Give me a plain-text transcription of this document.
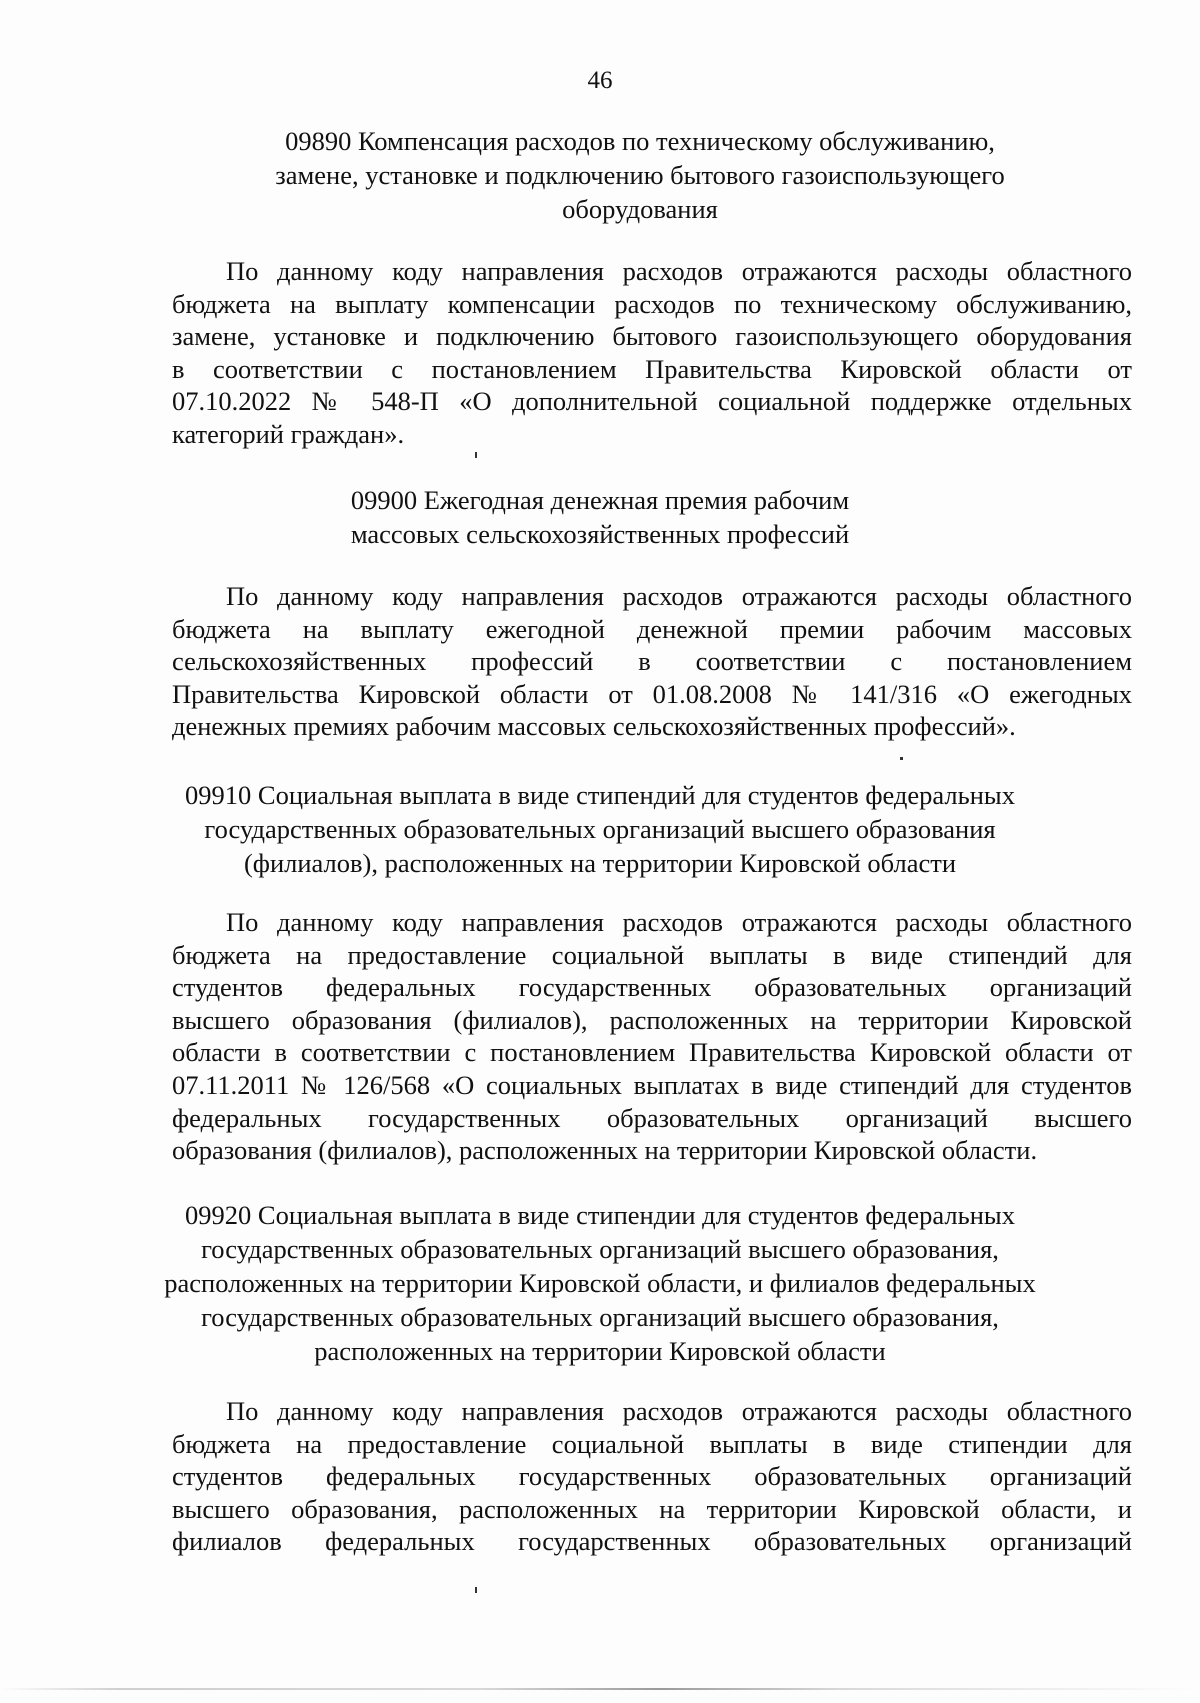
46
09890 Компенсация расходов по техническому обслуживанию,
замене, установке и подключению бытового газоиспользующего
оборудования
По данному коду направления расходов отражаются расходы областного
бюджета на выплату компенсации расходов по техническому обслуживанию,
замене, установке и подключению бытового газоиспользующего оборудования
в соответствии с постановлением Правительства Кировской области от
07.10.2022 № 548-П «О дополнительной социальной поддержке отдельных
категорий граждан».
09900 Ежегодная денежная премия рабочим
массовых сельскохозяйственных профессий
По данному коду направления расходов отражаются расходы областного
бюджета на выплату ежегодной денежной премии рабочим массовых
сельскохозяйственных профессий в соответствии с постановлением
Правительства Кировской области от 01.08.2008 № 141/316 «О ежегодных
денежных премиях рабочим массовых сельскохозяйственных профессий».
09910 Социальная выплата в виде стипендий для студентов федеральных
государственных образовательных организаций высшего образования
(филиалов), расположенных на территории Кировской области
По данному коду направления расходов отражаются расходы областного
бюджета на предоставление социальной выплаты в виде стипендий для
студентов федеральных государственных образовательных организаций
высшего образования (филиалов), расположенных на территории Кировской
области в соответствии с постановлением Правительства Кировской области от
07.11.2011 № 126/568 «О социальных выплатах в виде стипендий для студентов
федеральных государственных образовательных организаций высшего
образования (филиалов), расположенных на территории Кировской области.
09920 Социальная выплата в виде стипендии для студентов федеральных
государственных образовательных организаций высшего образования,
расположенных на территории Кировской области, и филиалов федеральных
государственных образовательных организаций высшего образования,
расположенных на территории Кировской области
По данному коду направления расходов отражаются расходы областного
бюджета на предоставление социальной выплаты в виде стипендии для
студентов федеральных государственных образовательных организаций
высшего образования, расположенных на территории Кировской области, и
филиалов федеральных государственных образовательных организаций
